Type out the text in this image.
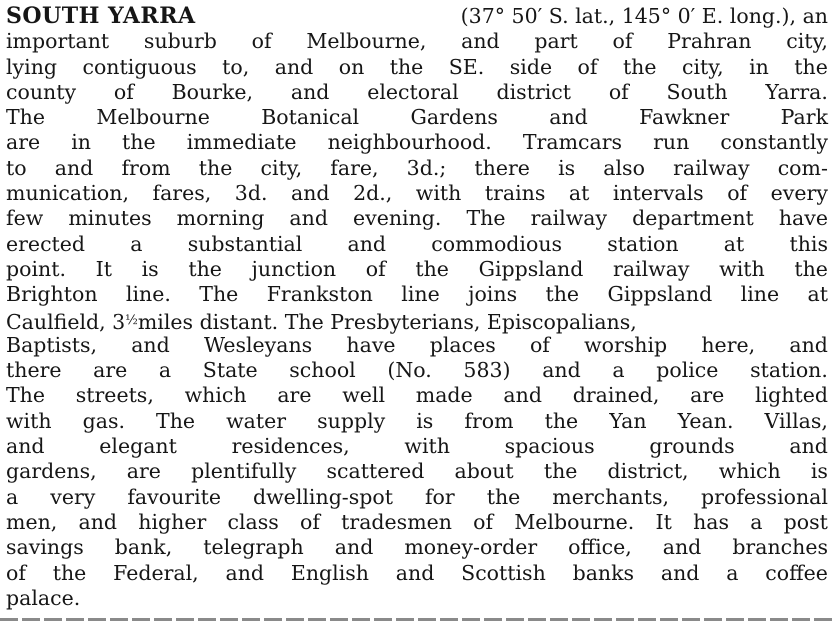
SOUTH YARRA	(37° 50′ S. lat., 145° 0′ E. long.), an
important suburb of Melbourne, and part of Prahran city,
lying contiguous to, and on the SE. side of the city, in the
county of Bourke, and electoral district of South Yarra.
The	Melbourne	Botanical	Gardens	and	Fawkner	Park
are in the immediate neighbourhood. Tramcars run constantly
to and from the city, fare, 3d.; there is also railway com-
munication, fares, 3d. and 2d., with trains at intervals of every
few minutes morning and evening. The railway department have
erected a substantial and commodious station at this
point. It is the junction of the Gippsland railway with the
Brighton line. The Frankston line joins the Gippsland line at
Caulfield, 3½miles distant. The Presbyterians, Episcopalians,
Baptists, and Wesleyans have places of worship here, and
there are a State school (No. 583) and a police station.
The streets, which are well made and drained, are lighted
with gas. The water supply is from the Yan Yean. Villas,
and	elegant	residences,	with	spacious	grounds	and
gardens, are plentifully scattered about the district, which is
a very favourite dwelling-spot for the merchants, professional
men, and higher class of tradesmen of Melbourne. It has a post
savings bank, telegraph and money-order office, and branches
of the Federal, and English and Scottish banks and a coffee
palace.
